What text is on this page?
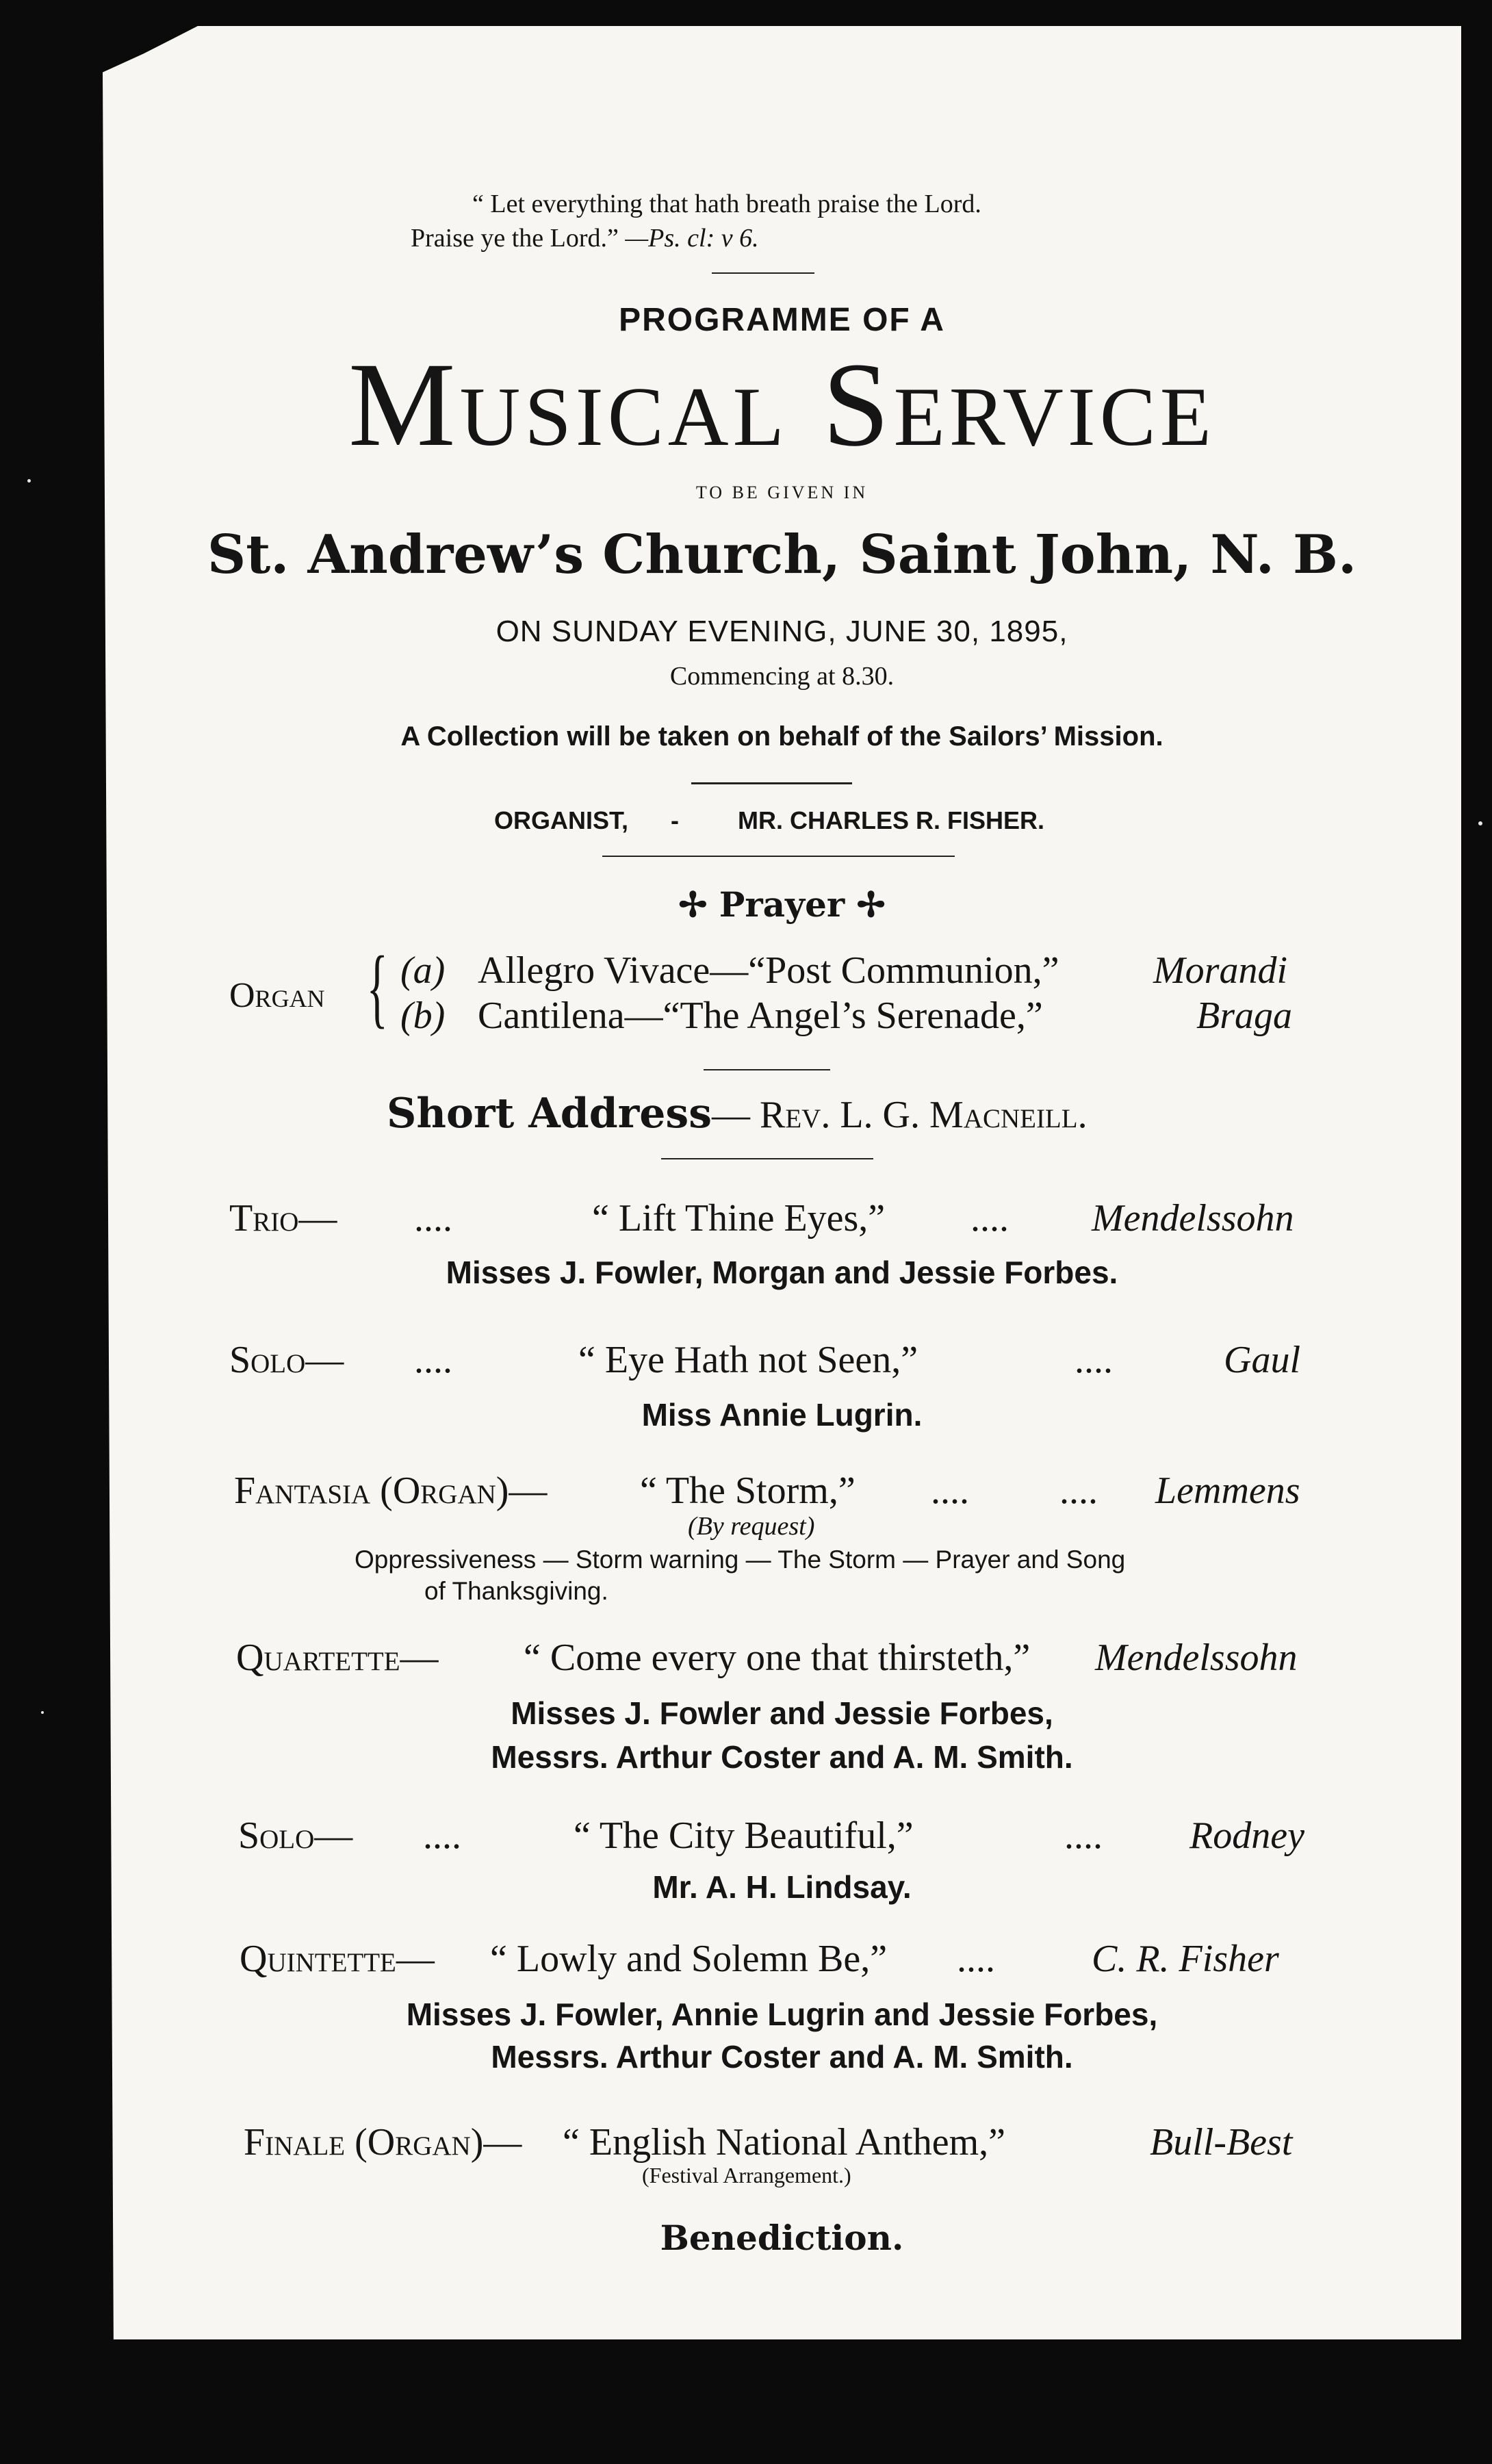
“ Let everything that hath breath praise the Lord.
Praise ye the Lord.” —Ps. cl: v 6.
PROGRAMME OF A
Musical Service
TO BE GIVEN IN
St. Andrew’s Church, Saint John, N. B.
ON SUNDAY EVENING, JUNE 30, 1895,
Commencing at 8.30.
A Collection will be taken on behalf of the Sailors’ Mission.
ORGANIST, - MR. CHARLES R. FISHER.
✢ Prayer ✢
Organ { (a) Allegro Vivace—“Post Communion,” Morandi
(b) Cantilena—“The Angel’s Serenade,”	Braga
Short Address— Rev. L. G. Macneill.
Trio— ....	“ Lift Thine Eyes,” .... Mendelssohn
Misses J. Fowler, Morgan and Jessie Forbes.
Solo— ....	“ Eye Hath not Seen,”	....	Gaul
Miss Annie Lugrin.
Fantasia (Organ)— “ The Storm,” .... .... Lemmens
(By request)
Oppressiveness — Storm warning — The Storm — Prayer and Song
of Thanksgiving.
Quartette— “ Come every one that thirsteth,” Mendelssohn
Misses J. Fowler and Jessie Forbes,
Messrs. Arthur Coster and A. M. Smith.
Solo— ....	“ The City Beautiful,”	.... Rodney
Mr. A. H. Lindsay.
Quintette— “ Lowly and Solemn Be,” ....	C. R. Fisher
Misses J. Fowler, Annie Lugrin and Jessie Forbes,
Messrs. Arthur Coster and A. M. Smith.
Finale (Organ)— “ English National Anthem,”	Bull-Best
(Festival Arrangement.)
Benediction.
